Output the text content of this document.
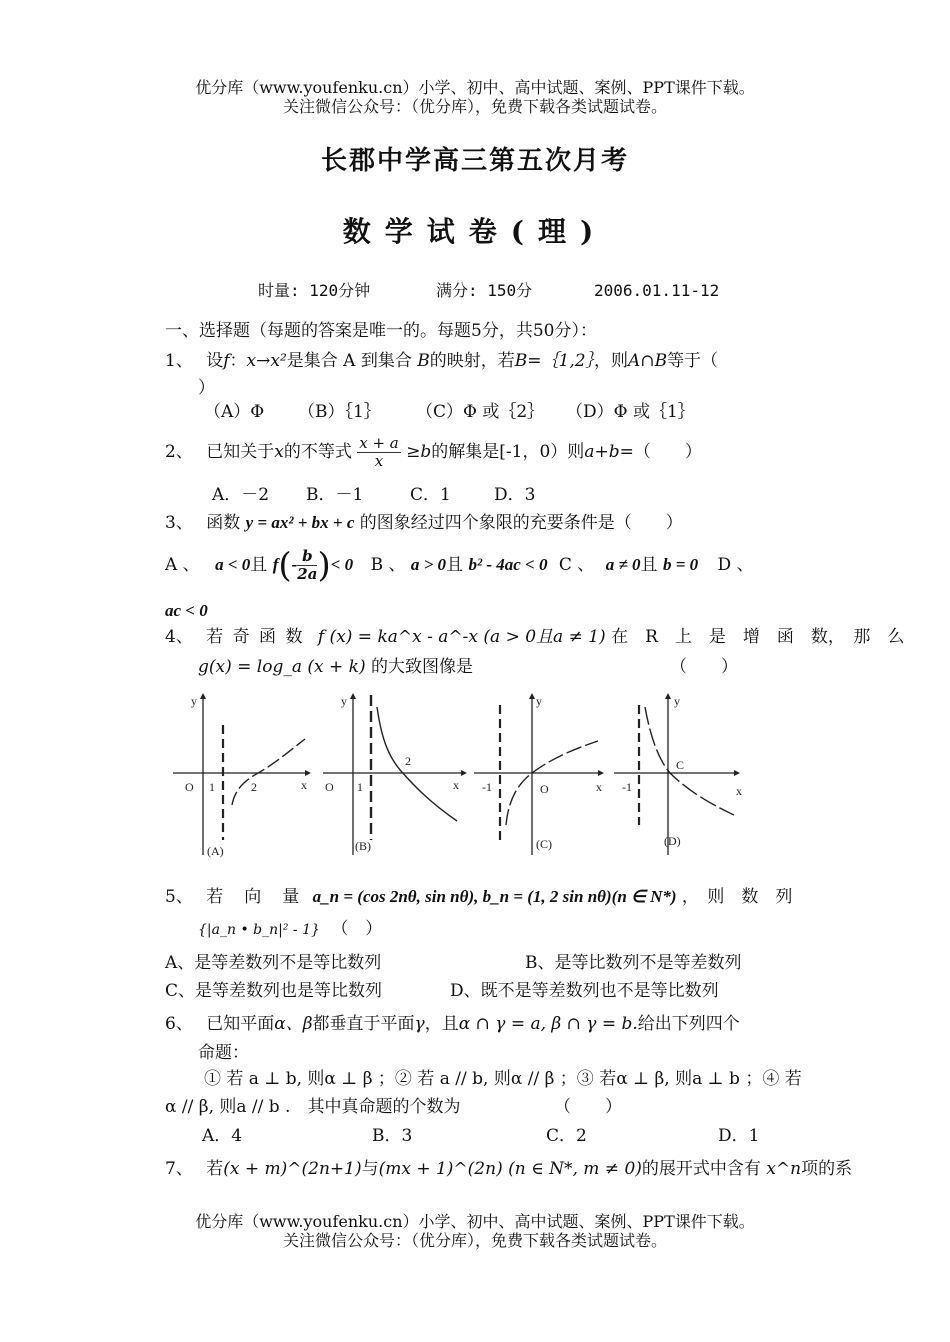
优分库（www.youfenku.cn）小学、初中、高中试题、案例、PPT课件下载。
关注微信公众号：（优分库），免费下载各类试题试卷。
长郡中学高三第五次月考
数学试卷(理)
时量: 120分钟	满分: 150分	2006.01.11-12
一、选择题（每题的答案是唯一的。每题5分，共50分）：
1、 设f：x→x²是集合 A 到集合 B的映射，若B=｛1,2｝，则A∩B等于（
）
（A）Φ （B）｛1｝ （C）Φ 或｛2｝ （D）Φ 或｛1｝
2、 已知关于x的不等式 $\frac{x + a}{x} \ge b$的解集是[-1，0）则a+b=（　　）
A．－2 B．－1	C．1	D．3
3、 函数 y = ax² + bx + c 的图象经过四个象限的充要条件是（　　）
A 、 a < 0且 $f(- \frac{b}{2a}$ )< 0 B 、 a > 0且 b² - 4ac < 0 C 、 a ≠ 0且 b = 0 D 、
ac < 0
4、 若 奇 函 数 f (x) = ka^x - a^-x (a > 0且a ≠ 1) 在　R　上　是　增　函　数，　那　么
g(x) = log_a (x + k) 的大致图像是	（　　）
y
x
O 1	2
(A)
y
x
O 1
2
(B)
y
x
O
-1
(C)
y
x
C
-1
(D)
5、 若　向　量 a_n = (cos 2nθ, sin nθ), b_n = (1, 2 sin nθ)(n ∈ N*) ，　则　数　列
{|a_n • b_n|² - 1} （　）
A、是等差数列不是等比数列	B、是等比数列不是等差数列
C、是等差数列也是等比数列	D、既不是等差数列也不是等比数列
6、 已知平面α、β都垂直于平面γ，且α ∩ γ = a, β ∩ γ = b.给出下列四个
命题：
① 若 a ⊥ b, 则α ⊥ β ；② 若 a // b, 则α // β ；③ 若α ⊥ β, 则a ⊥ b ；④ 若
α // β, 则a // b .　其中真命题的个数为	（　　）
A．4	B．3	C．2	D．1
7、 若(x + m)^(2n+1)与(mx + 1)^(2n) (n ∈ N*, m ≠ 0)的展开式中含有 x^n项的系
优分库（www.youfenku.cn）小学、初中、高中试题、案例、PPT课件下载。
关注微信公众号：（优分库），免费下载各类试题试卷。
